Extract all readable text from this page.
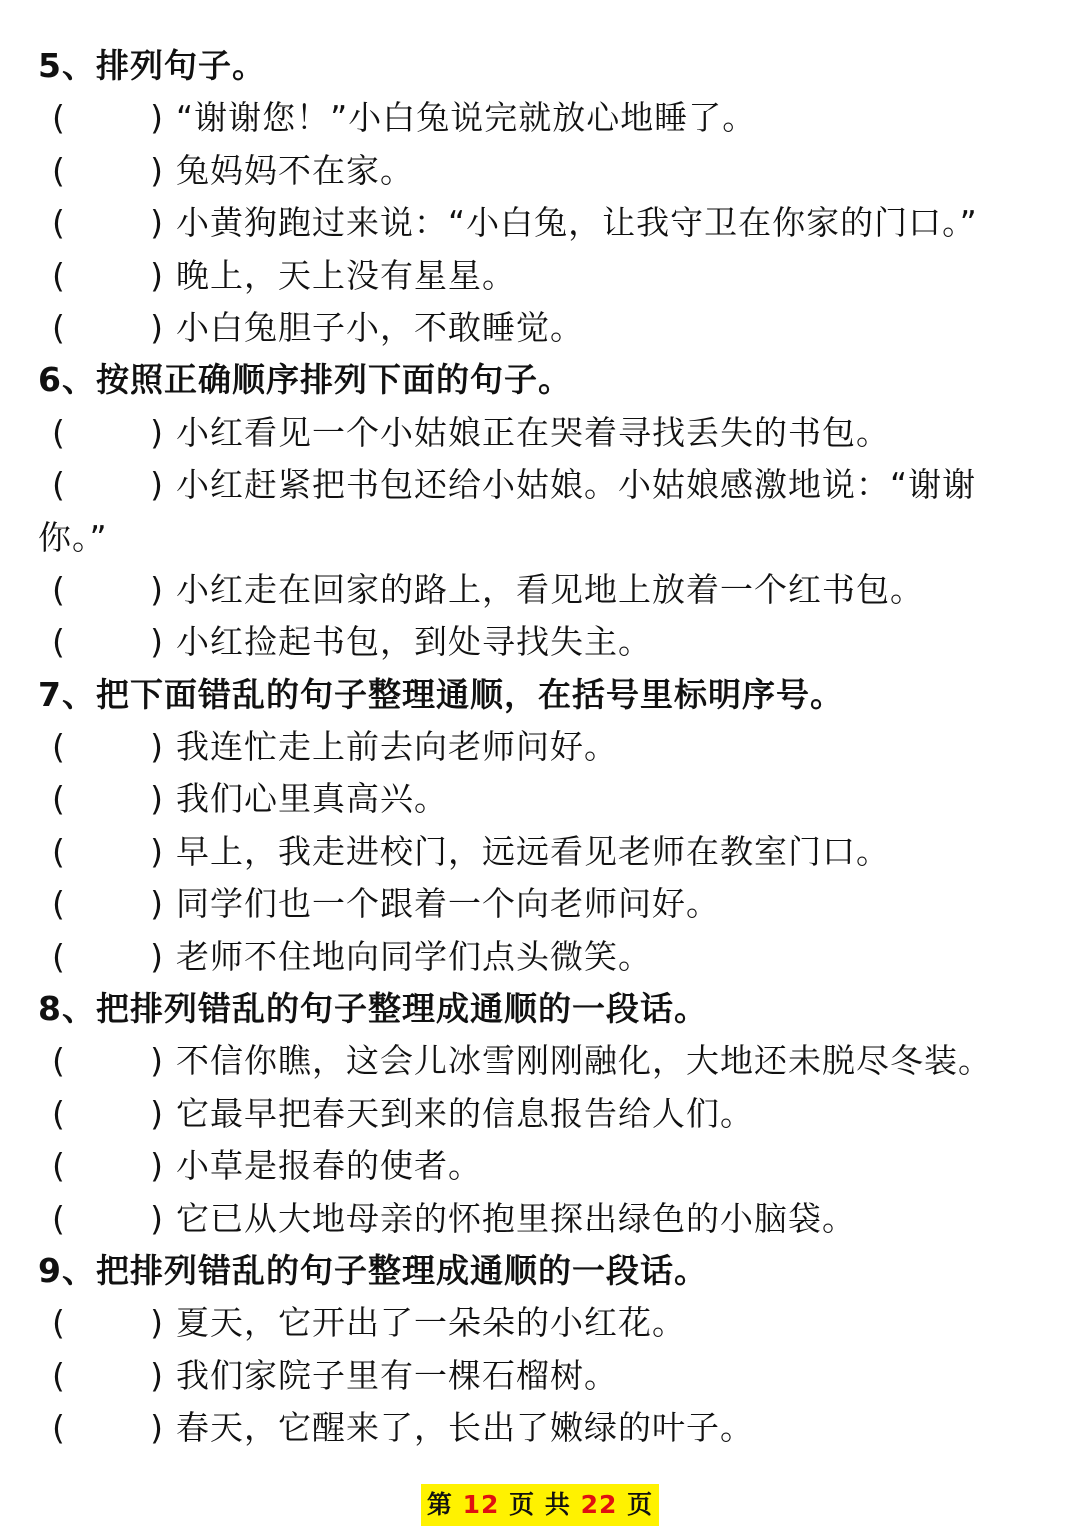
5、排列句子。
(	) “谢谢您！”小白兔说完就放心地睡了。
(	) 兔妈妈不在家。
(	) 小黄狗跑过来说：“小白兔，让我守卫在你家的门口。”
(	) 晚上，天上没有星星。
(	) 小白兔胆子小，不敢睡觉。
6、按照正确顺序排列下面的句子。
(	) 小红看见一个小姑娘正在哭着寻找丢失的书包。
(	) 小红赶紧把书包还给小姑娘。小姑娘感激地说：“谢谢
你。”
(	) 小红走在回家的路上，看见地上放着一个红书包。
(	) 小红捡起书包，到处寻找失主。
7、把下面错乱的句子整理通顺，在括号里标明序号。
(	) 我连忙走上前去向老师问好。
(	) 我们心里真高兴。
(	) 早上，我走进校门，远远看见老师在教室门口。
(	) 同学们也一个跟着一个向老师问好。
(	) 老师不住地向同学们点头微笑。
8、把排列错乱的句子整理成通顺的一段话。
(	) 不信你瞧，这会儿冰雪刚刚融化，大地还未脱尽冬装。
(	) 它最早把春天到来的信息报告给人们。
(	) 小草是报春的使者。
(	) 它已从大地母亲的怀抱里探出绿色的小脑袋。
9、把排列错乱的句子整理成通顺的一段话。
(	) 夏天，它开出了一朵朵的小红花。
(	) 我们家院子里有一棵石榴树。
(	) 春天，它醒来了，长出了嫩绿的叶子。
第 12 页 共 22 页
